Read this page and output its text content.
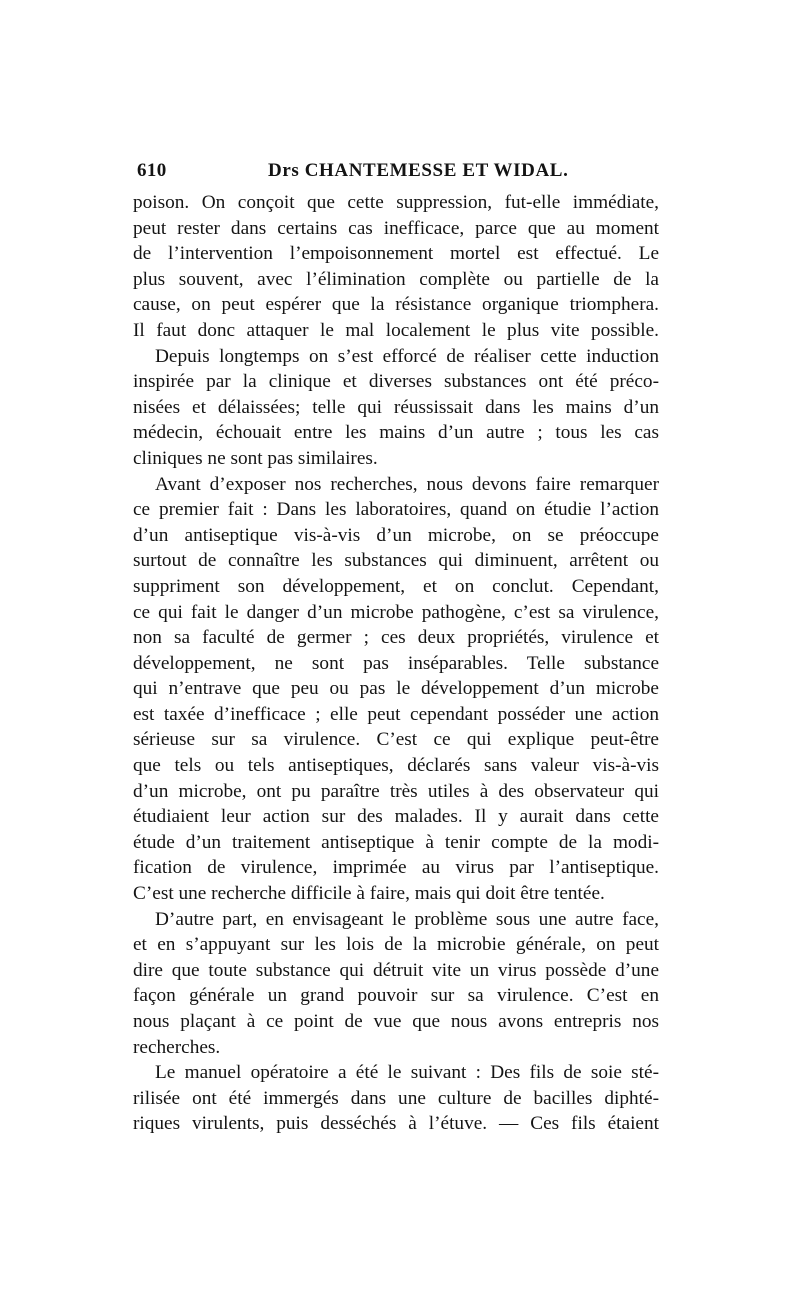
610	Drs CHANTEMESSE ET WIDAL.
poison. On conçoit que cette suppression, fut-elle immédiate,
peut rester dans certains cas inefficace, parce que au moment
de l’intervention l’empoisonnement mortel est effectué. Le
plus souvent, avec l’élimination complète ou partielle de la
cause, on peut espérer que la résistance organique triomphera.
Il faut donc attaquer le mal localement le plus vite possible.
Depuis longtemps on s’est efforcé de réaliser cette induction
inspirée par la clinique et diverses substances ont été préco-
nisées et délaissées; telle qui réussissait dans les mains d’un
médecin, échouait entre les mains d’un autre ; tous les cas
cliniques ne sont pas similaires.
Avant d’exposer nos recherches, nous devons faire remarquer
ce premier fait : Dans les laboratoires, quand on étudie l’action
d’un antiseptique vis-à-vis d’un microbe, on se préoccupe
surtout de connaître les substances qui diminuent, arrêtent ou
suppriment son développement, et on conclut. Cependant,
ce qui fait le danger d’un microbe pathogène, c’est sa virulence,
non sa faculté de germer ; ces deux propriétés, virulence et
développement, ne sont pas inséparables. Telle substance
qui n’entrave que peu ou pas le développement d’un microbe
est taxée d’inefficace ; elle peut cependant posséder une action
sérieuse sur sa virulence. C’est ce qui explique peut-être
que tels ou tels antiseptiques, déclarés sans valeur vis-à-vis
d’un microbe, ont pu paraître très utiles à des observateur qui
étudiaient leur action sur des malades. Il y aurait dans cette
étude d’un traitement antiseptique à tenir compte de la modi-
fication de virulence, imprimée au virus par l’antiseptique.
C’est une recherche difficile à faire, mais qui doit être tentée.
D’autre part, en envisageant le problème sous une autre face,
et en s’appuyant sur les lois de la microbie générale, on peut
dire que toute substance qui détruit vite un virus possède d’une
façon générale un grand pouvoir sur sa virulence. C’est en
nous plaçant à ce point de vue que nous avons entrepris nos
recherches.
Le manuel opératoire a été le suivant : Des fils de soie sté-
rilisée ont été immergés dans une culture de bacilles diphté-
riques virulents, puis desséchés à l’étuve. — Ces fils étaient
